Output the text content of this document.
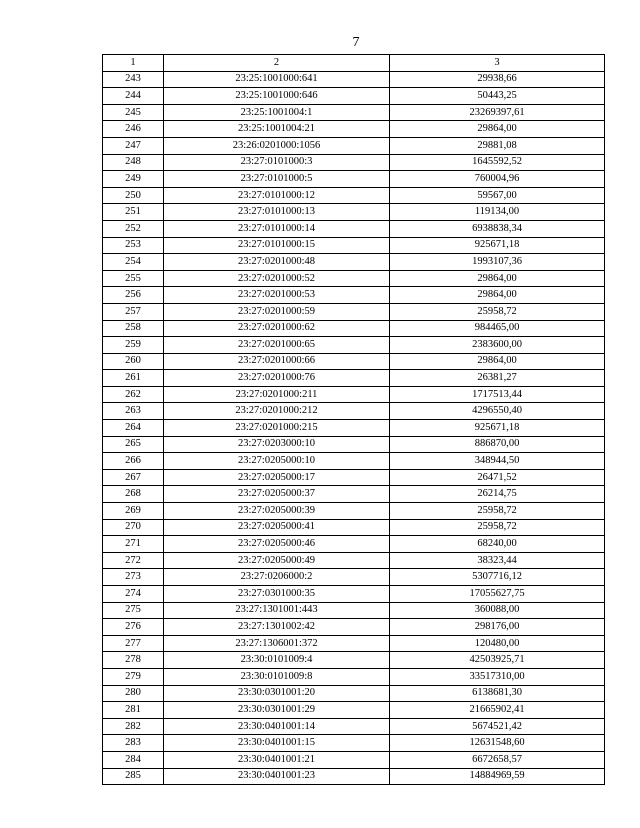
7
1	2	3
243	23:25:1001000:641	29938,66
244	23:25:1001000:646	50443,25
245	23:25:1001004:1	23269397,61
246	23:25:1001004:21	29864,00
247	23:26:0201000:1056	29881,08
248	23:27:0101000:3	1645592,52
249	23:27:0101000:5	760004,96
250	23:27:0101000:12	59567,00
251	23:27:0101000:13	119134,00
252	23:27:0101000:14	6938838,34
253	23:27:0101000:15	925671,18
254	23:27:0201000:48	1993107,36
255	23:27:0201000:52	29864,00
256	23:27:0201000:53	29864,00
257	23:27:0201000:59	25958,72
258	23:27:0201000:62	984465,00
259	23:27:0201000:65	2383600,00
260	23:27:0201000:66	29864,00
261	23:27:0201000:76	26381,27
262	23:27:0201000:211	1717513,44
263	23:27:0201000:212	4296550,40
264	23:27:0201000:215	925671,18
265	23:27:0203000:10	886870,00
266	23:27:0205000:10	348944,50
267	23:27:0205000:17	26471,52
268	23:27:0205000:37	26214,75
269	23:27:0205000:39	25958,72
270	23:27:0205000:41	25958,72
271	23:27:0205000:46	68240,00
272	23:27:0205000:49	38323,44
273	23:27:0206000:2	5307716,12
274	23:27:0301000:35	17055627,75
275	23:27:1301001:443	360088,00
276	23:27:1301002:42	298176,00
277	23:27:1306001:372	120480,00
278	23:30:0101009:4	42503925,71
279	23:30:0101009:8	33517310,00
280	23:30:0301001:20	6138681,30
281	23:30:0301001:29	21665902,41
282	23:30:0401001:14	5674521,42
283	23:30:0401001:15	12631548,60
284	23:30:0401001:21	6672658,57
285	23:30:0401001:23	14884969,59
